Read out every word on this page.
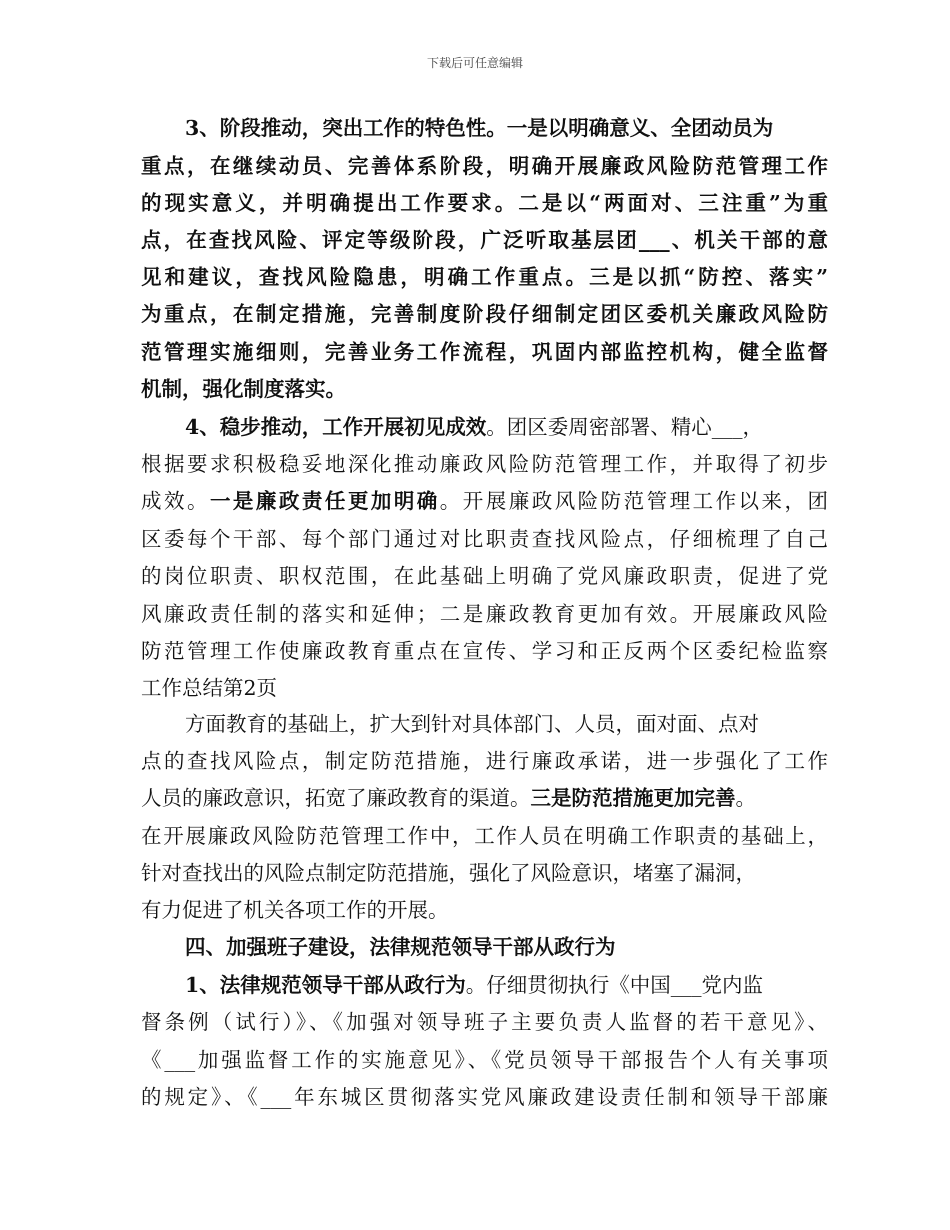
下载后可任意编辑
3、阶段推动，突出工作的特色性。一是以明确意义、全团动员为
重点，在继续动员、完善体系阶段，明确开展廉政风险防范管理工作
的现实意义，并明确提出工作要求。二是以“两面对、三注重”为重
点，在查找风险、评定等级阶段，广泛听取基层团___、机关干部的意
见和建议，查找风险隐患，明确工作重点。三是以抓“防控、落实”
为重点，在制定措施，完善制度阶段仔细制定团区委机关廉政风险防
范管理实施细则，完善业务工作流程，巩固内部监控机构，健全监督
机制，强化制度落实。
4、稳步推动，工作开展初见成效。团区委周密部署、精心___，
根据要求积极稳妥地深化推动廉政风险防范管理工作，并取得了初步
成效。一是廉政责任更加明确。开展廉政风险防范管理工作以来，团
区委每个干部、每个部门通过对比职责查找风险点，仔细梳理了自己
的岗位职责、职权范围，在此基础上明确了党风廉政职责，促进了党
风廉政责任制的落实和延伸；二是廉政教育更加有效。开展廉政风险
防范管理工作使廉政教育重点在宣传、学习和正反两个区委纪检监察
工作总结第2页
方面教育的基础上，扩大到针对具体部门、人员，面对面、点对
点的查找风险点，制定防范措施，进行廉政承诺，进一步强化了工作
人员的廉政意识，拓宽了廉政教育的渠道。三是防范措施更加完善。
在开展廉政风险防范管理工作中，工作人员在明确工作职责的基础上，
针对查找出的风险点制定防范措施，强化了风险意识，堵塞了漏洞，
有力促进了机关各项工作的开展。
四、加强班子建设，法律规范领导干部从政行为
1、法律规范领导干部从政行为。仔细贯彻执行《中国___党内监
督条例（试行）》、《加强对领导班子主要负责人监督的若干意见》、
《___加强监督工作的实施意见》、《党员领导干部报告个人有关事项
的规定》、《___年东城区贯彻落实党风廉政建设责任制和领导干部廉
